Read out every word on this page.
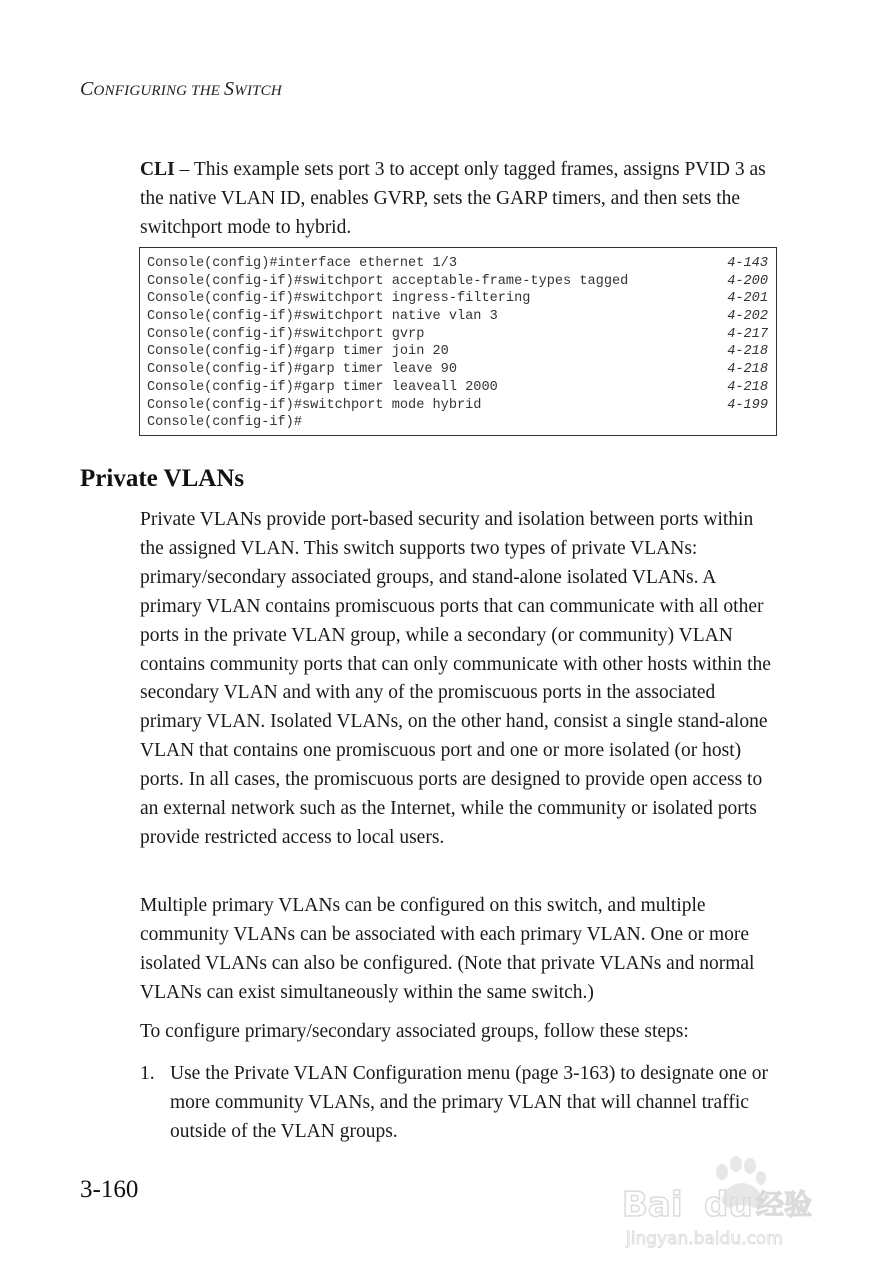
CONFIGURING THE SWITCH
CLI – This example sets port 3 to accept only tagged frames, assigns PVID 3 as the native VLAN ID, enables GVRP, sets the GARP timers, and then sets the switchport mode to hybrid.
Console(config)#interface ethernet 1/3	4-143
Console(config-if)#switchport acceptable-frame-types tagged	4-200
Console(config-if)#switchport ingress-filtering	4-201
Console(config-if)#switchport native vlan 3	4-202
Console(config-if)#switchport gvrp	4-217
Console(config-if)#garp timer join 20	4-218
Console(config-if)#garp timer leave 90	4-218
Console(config-if)#garp timer leaveall 2000	4-218
Console(config-if)#switchport mode hybrid	4-199
Console(config-if)#
Private VLANs
Private VLANs provide port-based security and isolation between ports within the assigned VLAN. This switch supports two types of private VLANs: primary/secondary associated groups, and stand-alone isolated VLANs. A primary VLAN contains promiscuous ports that can communicate with all other ports in the private VLAN group, while a secondary (or community) VLAN contains community ports that can only communicate with other hosts within the secondary VLAN and with any of the promiscuous ports in the associated primary VLAN. Isolated VLANs, on the other hand, consist a single stand-alone VLAN that contains one promiscuous port and one or more isolated (or host) ports. In all cases, the promiscuous ports are designed to provide open access to an external network such as the Internet, while the community or isolated ports provide restricted access to local users.
Multiple primary VLANs can be configured on this switch, and multiple community VLANs can be associated with each primary VLAN. One or more isolated VLANs can also be configured. (Note that private VLANs and normal VLANs can exist simultaneously within the same switch.)
To configure primary/secondary associated groups, follow these steps:
1. Use the Private VLAN Configuration menu (page 3-163) to designate one or more community VLANs, and the primary VLAN that will channel traffic outside of the VLAN groups.
3-160	Bai du 经验
jingyan.baidu.com
